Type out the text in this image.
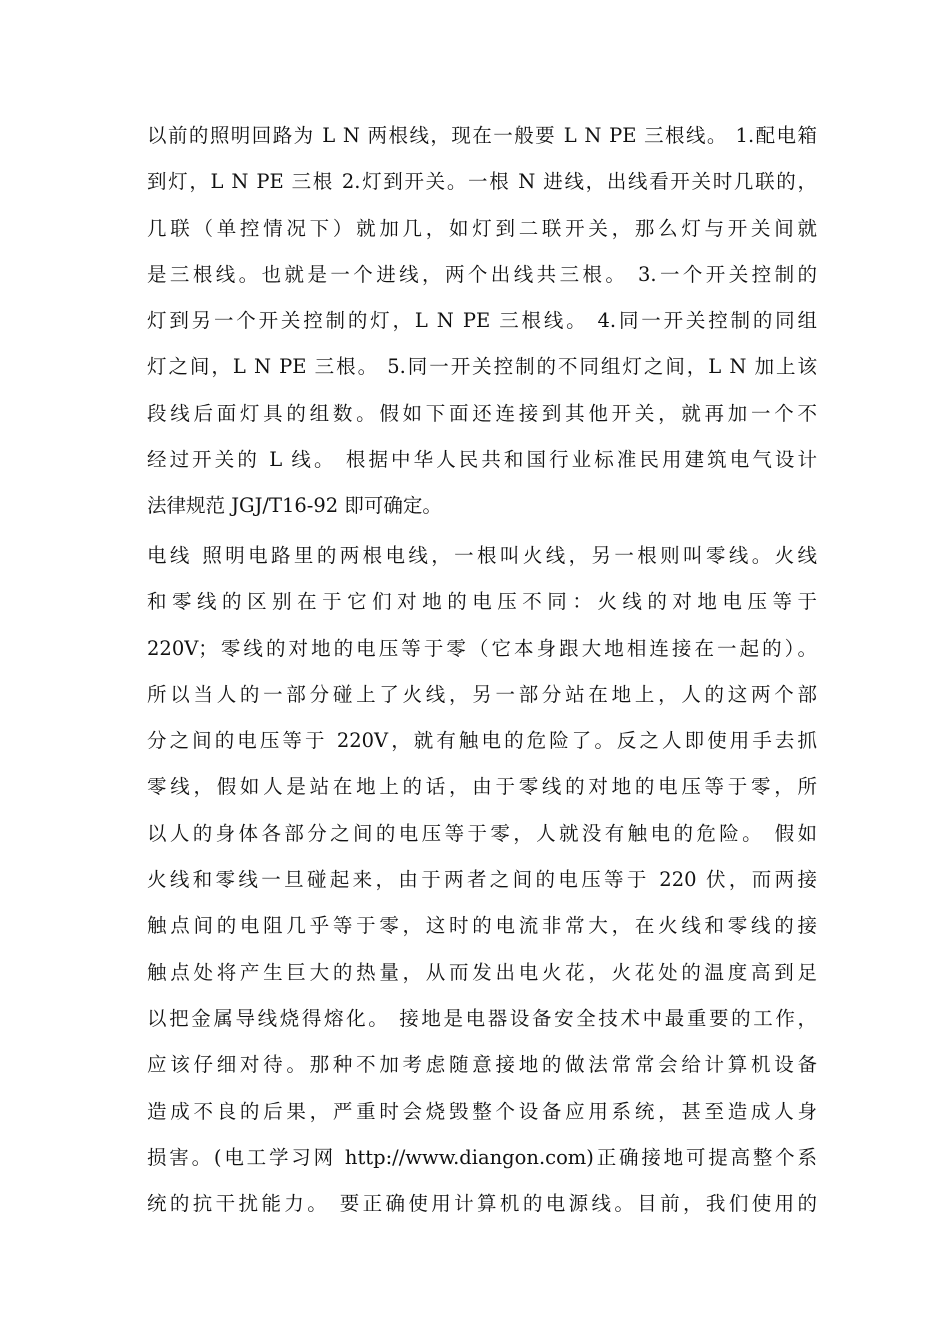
以前的照明回路为 L N 两根线，现在一般要 L N PE 三根线。 1.配电箱
到灯，L N PE 三根 2.灯到开关。一根 N 进线，出线看开关时几联的，
几联（单控情况下）就加几，如灯到二联开关，那么灯与开关间就
是三根线。也就是一个进线，两个出线共三根。 3.一个开关控制的
灯到另一个开关控制的灯，L N PE 三根线。 4.同一开关控制的同组
灯之间，L N PE 三根。 5.同一开关控制的不同组灯之间，L N 加上该
段线后面灯具的组数。假如下面还连接到其他开关，就再加一个不
经过开关的 L 线。 根据中华人民共和国行业标准民用建筑电气设计
法律规范 JGJ/T16-92 即可确定。
电线 照明电路里的两根电线，一根叫火线，另一根则叫零线。火线
和零线的区别在于它们对地的电压不同：火线的对地电压等于
220V；零线的对地的电压等于零（它本身跟大地相连接在一起的）。
所以当人的一部分碰上了火线，另一部分站在地上，人的这两个部
分之间的电压等于 220V，就有触电的危险了。反之人即使用手去抓
零线，假如人是站在地上的话，由于零线的对地的电压等于零，所
以人的身体各部分之间的电压等于零，人就没有触电的危险。 假如
火线和零线一旦碰起来，由于两者之间的电压等于 220 伏，而两接
触点间的电阻几乎等于零，这时的电流非常大，在火线和零线的接
触点处将产生巨大的热量，从而发出电火花，火花处的温度高到足
以把金属导线烧得熔化。 接地是电器设备安全技术中最重要的工作，
应该仔细对待。那种不加考虑随意接地的做法常常会给计算机设备
造成不良的后果，严重时会烧毁整个设备应用系统，甚至造成人身
损害。(电工学习网 http://www.diangon.com)正确接地可提高整个系
统的抗干扰能力。 要正确使用计算机的电源线。目前，我们使用的
